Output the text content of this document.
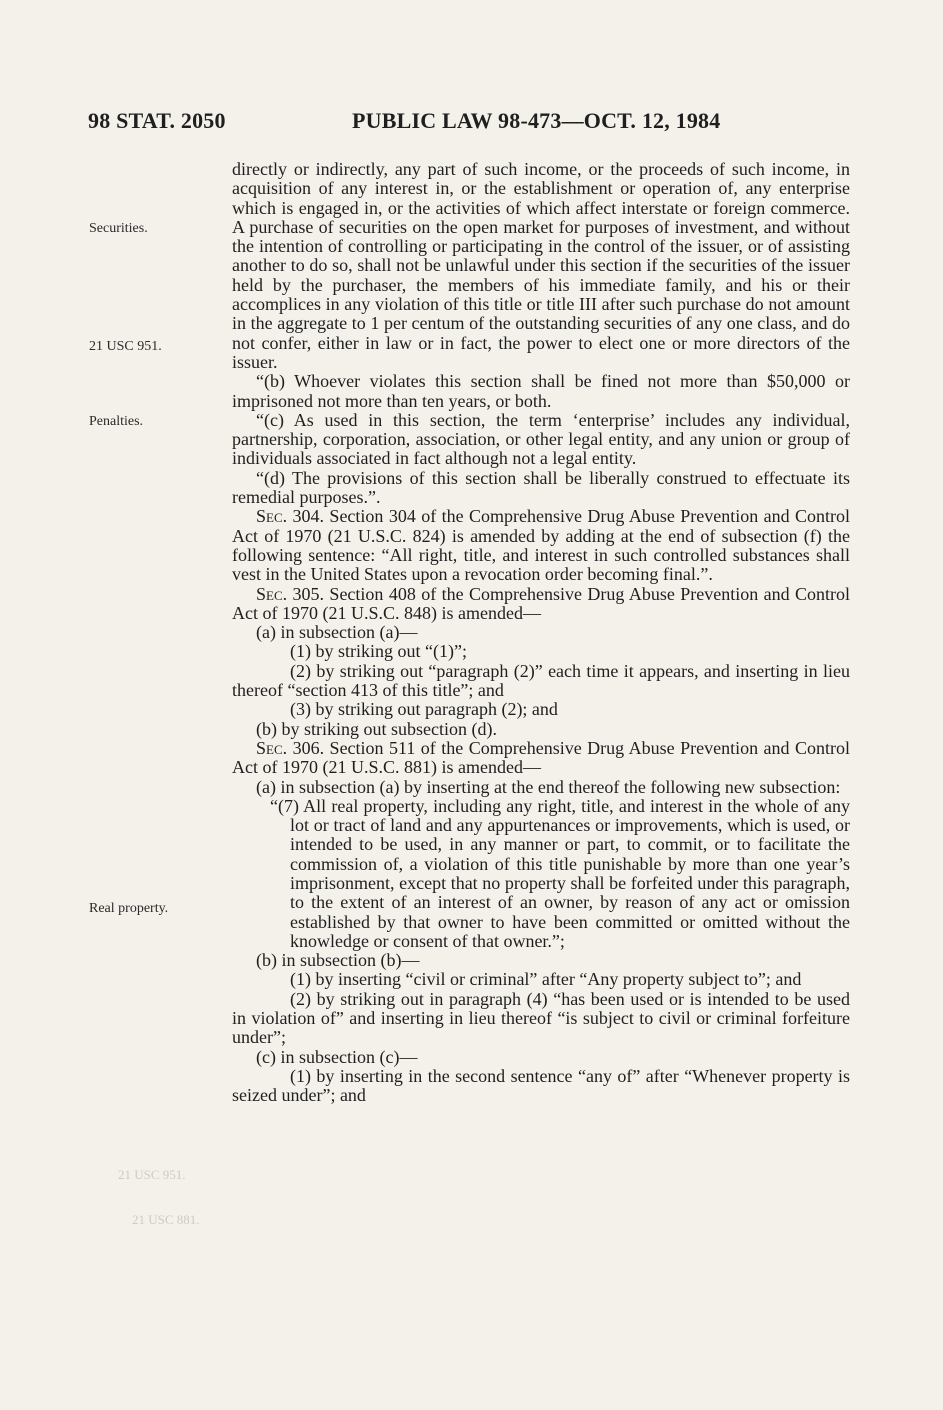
98 STAT. 2050	PUBLIC LAW 98-473—OCT. 12, 1984
Securities.
21 USC 951.
Penalties.
Real property.
21 USC 951.
21 USC 881.

directly or indirectly, any part of such income, or the proceeds of such income, in acquisition of any interest in, or the establishment or operation of, any enterprise which is engaged in, or the activities of which affect interstate or foreign commerce. A purchase of securities on the open market for purposes of investment, and without the intention of controlling or participating in the control of the issuer, or of assisting another to do so, shall not be unlawful under this section if the securities of the issuer held by the purchaser, the members of his immediate family, and his or their accomplices in any violation of this title or title III after such purchase do not amount in the aggregate to 1 per centum of the outstanding securities of any one class, and do not confer, either in law or in fact, the power to elect one or more directors of the issuer.

“(b) Whoever violates this section shall be fined not more than $50,000 or imprisoned not more than ten years, or both.

“(c) As used in this section, the term ‘enterprise’ includes any individual, partnership, corporation, association, or other legal entity, and any union or group of individuals associated in fact although not a legal entity.

“(d) The provisions of this section shall be liberally construed to effectuate its remedial purposes.”.

Sec. 304. Section 304 of the Comprehensive Drug Abuse Prevention and Control Act of 1970 (21 U.S.C. 824) is amended by adding at the end of subsection (f) the following sentence: “All right, title, and interest in such controlled substances shall vest in the United States upon a revocation order becoming final.”.

Sec. 305. Section 408 of the Comprehensive Drug Abuse Prevention and Control Act of 1970 (21 U.S.C. 848) is amended—

(a) in subsection (a)—

(1) by striking out “(1)”;

(2) by striking out “paragraph (2)” each time it appears, and inserting in lieu thereof “section 413 of this title”; and

(3) by striking out paragraph (2); and

(b) by striking out subsection (d).

Sec. 306. Section 511 of the Comprehensive Drug Abuse Prevention and Control Act of 1970 (21 U.S.C. 881) is amended—

(a) in subsection (a) by inserting at the end thereof the following new subsection:

“(7) All real property, including any right, title, and interest in the whole of any lot or tract of land and any appurtenances or improvements, which is used, or intended to be used, in any manner or part, to commit, or to facilitate the commission of, a violation of this title punishable by more than one year’s imprisonment, except that no property shall be forfeited under this paragraph, to the extent of an interest of an owner, by reason of any act or omission established by that owner to have been committed or omitted without the knowledge or consent of that owner.”;

(b) in subsection (b)—

(1) by inserting “civil or criminal” after “Any property subject to”; and

(2) by striking out in paragraph (4) “has been used or is intended to be used in violation of” and inserting in lieu thereof “is subject to civil or criminal forfeiture under”;

(c) in subsection (c)—

(1) by inserting in the second sentence “any of” after “Whenever property is seized under”; and
